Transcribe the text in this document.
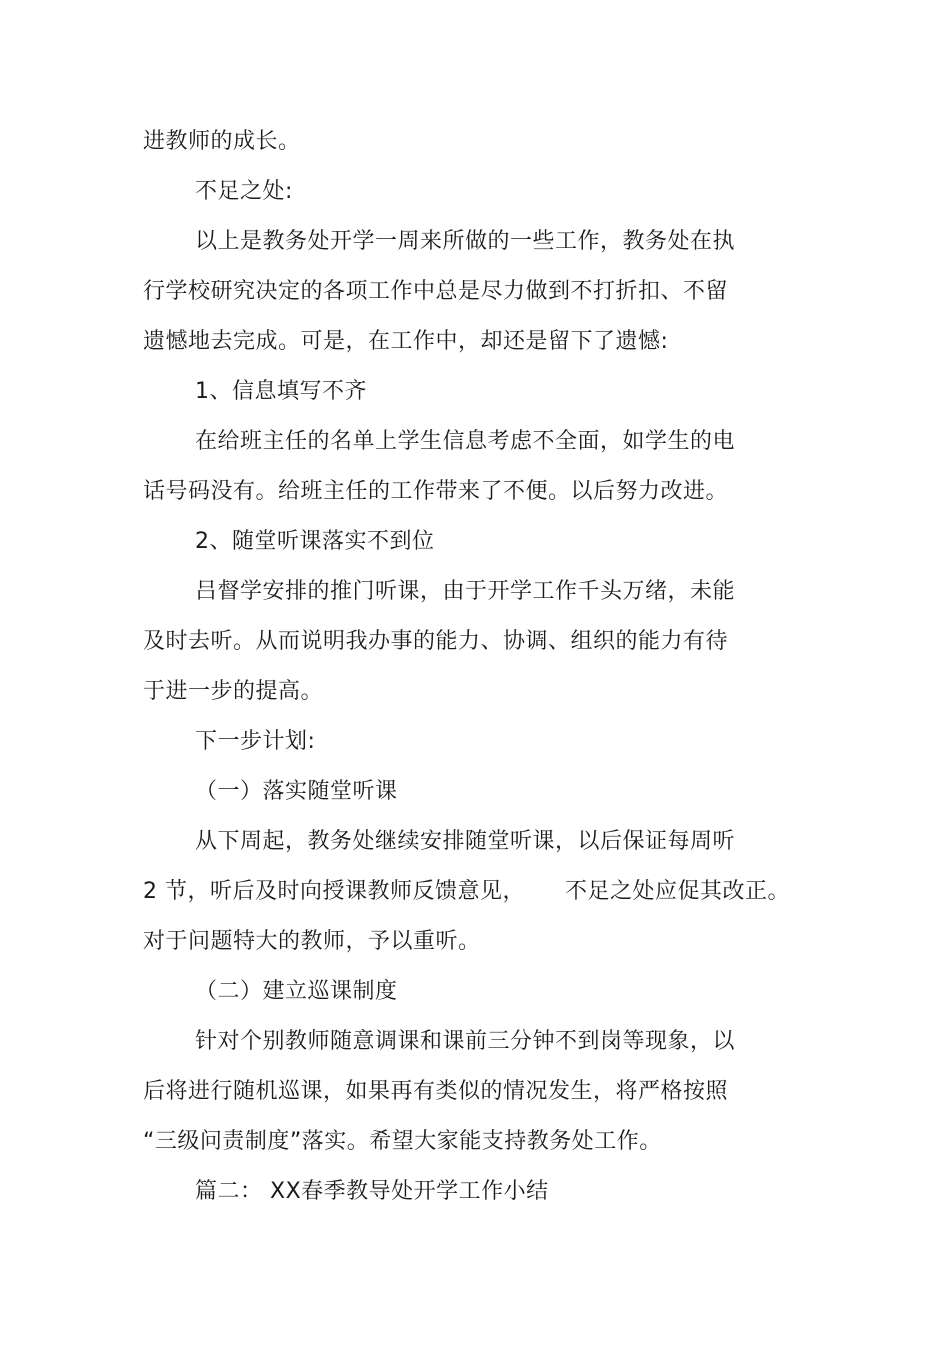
进教师的成长。
不足之处:
以上是教务处开学一周来所做的一些工作，教务处在执
行学校研究决定的各项工作中总是尽力做到不打折扣、不留
遗憾地去完成。可是，在工作中，却还是留下了遗憾:
1、信息填写不齐
在给班主任的名单上学生信息考虑不全面，如学生的电
话号码没有。给班主任的工作带来了不便。以后努力改进。
2、随堂听课落实不到位
吕督学安排的推门听课，由于开学工作千头万绪，未能
及时去听。从而说明我办事的能力、协调、组织的能力有待
于进一步的提高。
下一步计划:
（一）落实随堂听课
从下周起，教务处继续安排随堂听课，以后保证每周听
2 节，听后及时向授课教师反馈意见， 不足之处应促其改正。
对于问题特大的教师，予以重听。
（二）建立巡课制度
针对个别教师随意调课和课前三分钟不到岗等现象，以
后将进行随机巡课，如果再有类似的情况发生，将严格按照
“三级问责制度”落实。希望大家能支持教务处工作。
篇二： XX春季教导处开学工作小结
